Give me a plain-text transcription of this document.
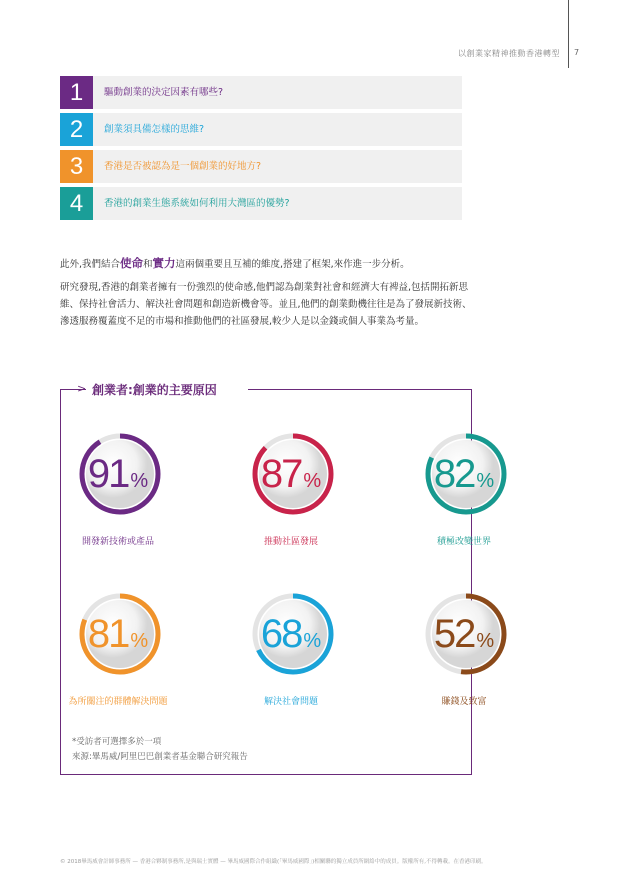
以創業家精神推動香港轉型 7
1	驅動創業的決定因素有哪些?
2	創業須具備怎樣的思維?
3	香港是否被認為是一個創業的好地方?
4	香港的創業生態系統如何利用大灣區的優勢?
此外,我們結合使命和實力這兩個重要且互補的維度,搭建了框架,來作進一步分析。
研究發現,香港的創業者擁有一份強烈的使命感,他們認為創業對社會和經濟大有裨益,包括開拓新思維、保持社會活力、解決社會問題和創造新機會等。並且,他們的創業動機往往是為了發展新技術、滲透服務覆蓋度不足的市場和推動他們的社區發展,較少人是以金錢或個人事業為考量。
> 創業者:創業的主要原因
91 %
開發新技術或產品
87 %
推動社區發展
82 %
積極改變世界
81 %
為所關注的群體解決問題
68 %
解決社會問題
52 %
賺錢及致富
*受訪者可選擇多於一項
來源:畢馬威/阿里巴巴創業者基金聯合研究報告
© 2018畢馬威會計師事務所 — 香港合夥制事務所,是與瑞士實體 — 畢馬威國際合作組織(「畢馬威國際」)相關聯的獨立成員所網絡中的成員。版權所有,不得轉載。在香港印刷。
